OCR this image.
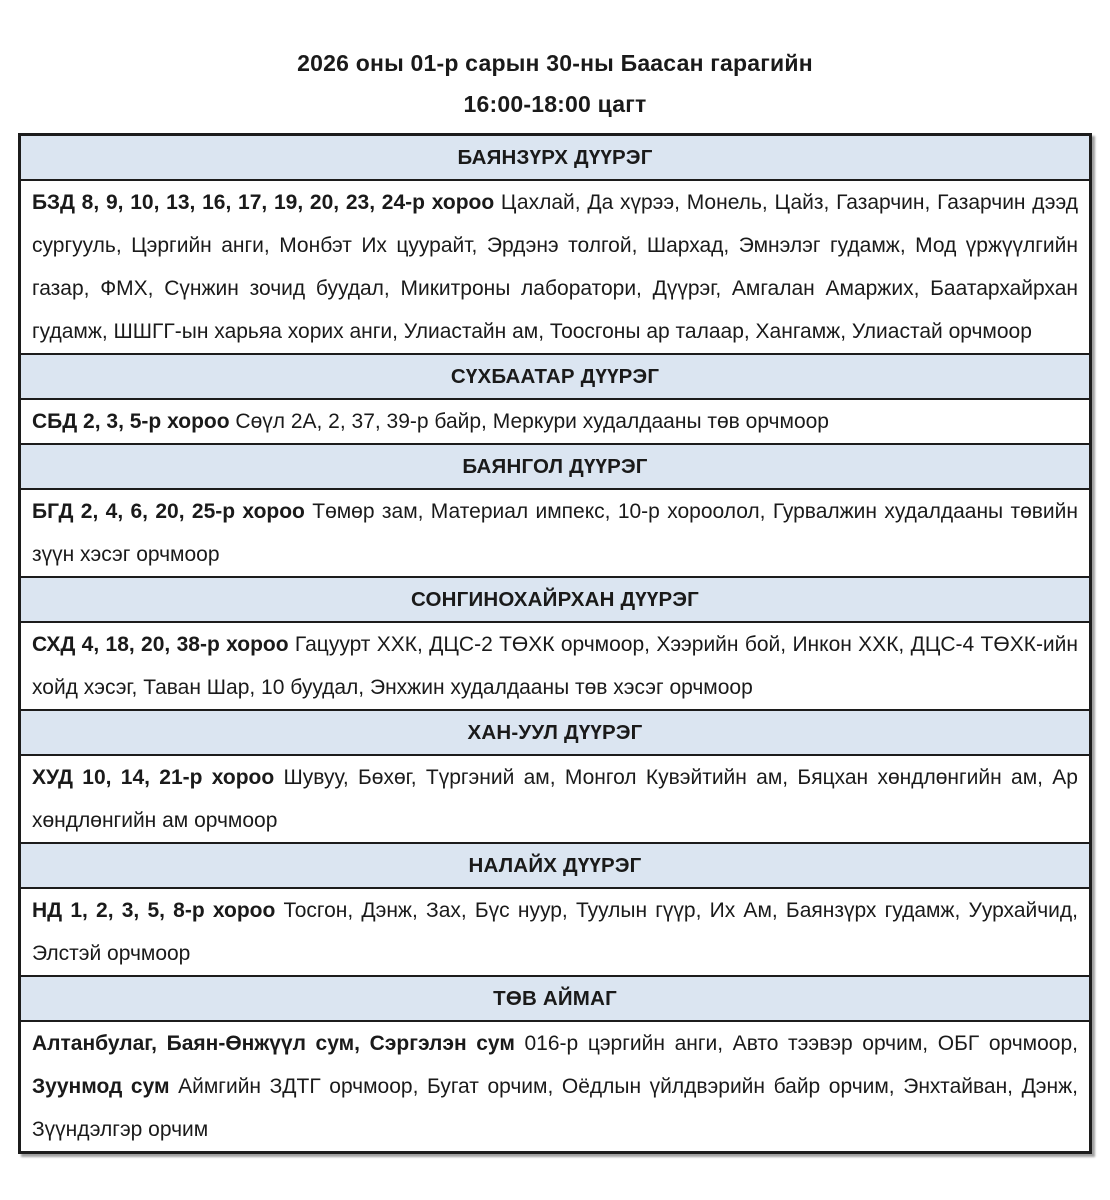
2026 оны 01-р сарын 30-ны Баасан гарагийн
16:00-18:00 цагт
БАЯНЗҮРХ ДҮҮРЭГ
БЗД 8, 9, 10, 13, 16, 17, 19, 20, 23, 24-р хороо Цахлай, Да хүрээ, Монель, Цайз, Газарчин, Газарчин дээд сургууль, Цэргийн анги, Монбэт Их цуурайт, Эрдэнэ толгой, Шархад, Эмнэлэг гудамж, Мод үржүүлгийн газар, ФМХ, Сүнжин зочид буудал, Микитроны лаборатори, Дүүрэг, Амгалан Амаржих, Баатархайрхан гудамж, ШШГГ-ын харьяа хорих анги, Улиастайн ам, Тоосгоны ар талаар, Хангамж, Улиастай орчмоор
СҮХБААТАР ДҮҮРЭГ
СБД 2, 3, 5-р хороо Сөүл 2А, 2, 37, 39-р байр, Меркури худалдааны төв орчмоор
БАЯНГОЛ ДҮҮРЭГ
БГД 2, 4, 6, 20, 25-р хороо Төмөр зам, Материал импекс, 10-р хороолол, Гурвалжин худалдааны төвийн зүүн хэсэг орчмоор
СОНГИНОХАЙРХАН ДҮҮРЭГ
СХД 4, 18, 20, 38-р хороо Гацуурт ХХК, ДЦС-2 ТӨХК орчмоор, Хээрийн бой, Инкон ХХК, ДЦС-4 ТӨХК-ийн хойд хэсэг, Таван Шар, 10 буудал, Энхжин худалдааны төв хэсэг орчмоор
ХАН-УУЛ ДҮҮРЭГ
ХУД 10, 14, 21-р хороо Шувуу, Бөхөг, Түргэний ам, Монгол Кувэйтийн ам, Бяцхан хөндлөнгийн ам, Ар хөндлөнгийн ам орчмоор
НАЛАЙХ ДҮҮРЭГ
НД 1, 2, 3, 5, 8-р хороо Тосгон, Дэнж, Зах, Бүс нуур, Туулын гүүр, Их Ам, Баянзүрх гудамж, Уурхайчид, Элстэй орчмоор
ТӨВ АЙМАГ
Алтанбулаг, Баян-Өнжүүл сум, Сэргэлэн сум 016-р цэргийн анги, Авто тээвэр орчим, ОБГ орчмоор, Зуунмод сум Аймгийн ЗДТГ орчмоор, Бугат орчим, Оёдлын үйлдвэрийн байр орчим, Энхтайван, Дэнж, Зүүндэлгэр орчим
